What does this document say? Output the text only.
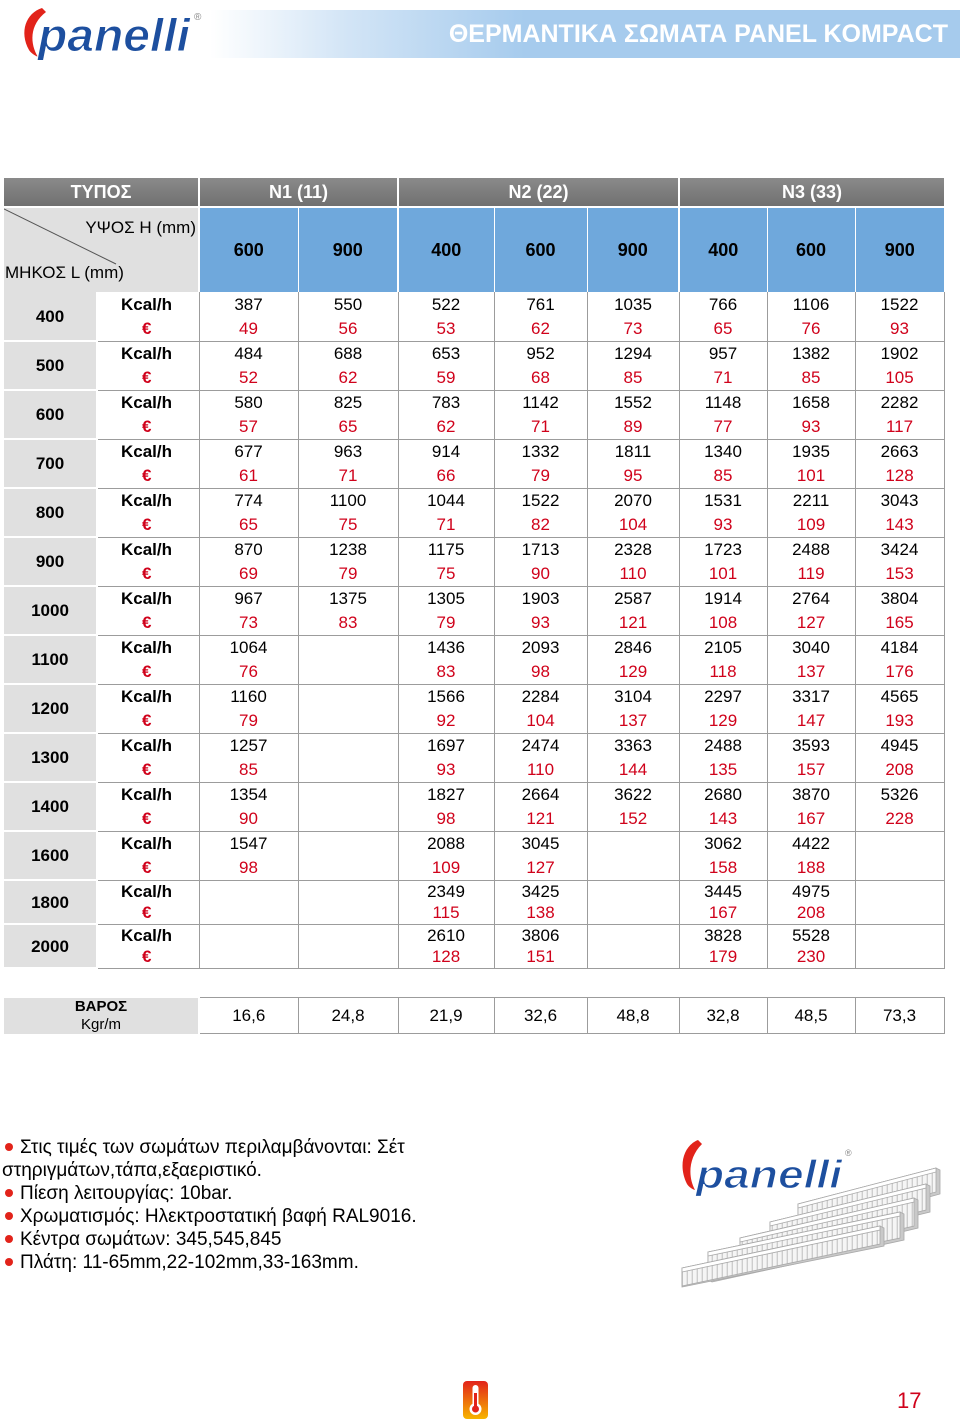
panelli ®
ΘΕΡΜΑΝΤΙΚΑ ΣΩΜΑΤΑ PANEL KOMPACT
ΤΥΠΟΣ		N1 (11)		N2 (22)			N3 (33)		

ΥΨΟΣ H (mm)
ΜΗΚΟΣ L (mm)		600	900	400	600	900	400	600	900
400	Kcal/h	387	550	522	761	1035	766	1106	1522
	€	49	56	53	62	73	65	76	93
500	Kcal/h	484	688	653	952	1294	957	1382	1902
	€	52	62	59	68	85	71	85	105
600	Kcal/h	580	825	783	1142	1552	1148	1658	2282
	€	57	65	62	71	89	77	93	117
700	Kcal/h	677	963	914	1332	1811	1340	1935	2663
	€	61	71	66	79	95	85	101	128
800	Kcal/h	774	1100	1044	1522	2070	1531	2211	3043
	€	65	75	71	82	104	93	109	143
900	Kcal/h	870	1238	1175	1713	2328	1723	2488	3424
	€	69	79	75	90	110	101	119	153
1000	Kcal/h	967	1375	1305	1903	2587	1914	2764	3804
	€	73	83	79	93	121	108	127	165
1100	Kcal/h	1064		1436	2093	2846	2105	3040	4184
	€	76		83	98	129	118	137	176
1200	Kcal/h	1160		1566	2284	3104	2297	3317	4565
	€	79		92	104	137	129	147	193
1300	Kcal/h	1257		1697	2474	3363	2488	3593	4945
	€	85		93	110	144	135	157	208
1400	Kcal/h	1354		1827	2664	3622	2680	3870	5326
	€	90		98	121	152	143	167	228
1600	Kcal/h	1547		2088	3045		3062	4422	
	€	98		109	127		158	188	
1800	Kcal/h			2349	3425		3445	4975	
	€			115	138		167	208	
2000	Kcal/h			2610	3806		3828	5528	
	€			128	151		179	230	
ΒΑΡΟΣ
Kgr/m	16,6	24,8	21,9	32,6	48,8	32,8	48,5	73,3
Στις τιμές των σωμάτων περιλαμβάνονται: Σέτ στηριγμάτων,τάπα,εξαεριστικό.
Πίεση λειτουργίας: 10bar.
Χρωματισμός: Ηλεκτροστατική βαφή RAL9016.
Κέντρα σωμάτων: 345,545,845
Πλάτη: 11-65mm,22-102mm,33-163mm.
panelli ®
17
